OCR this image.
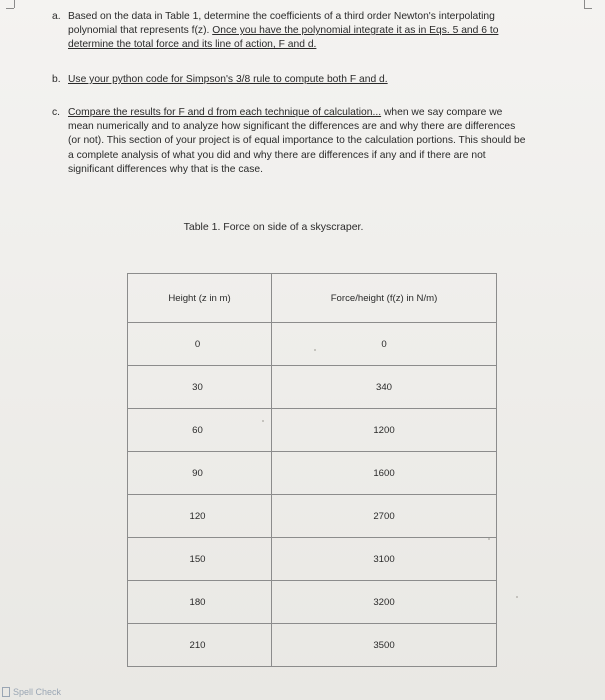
a. Based on the data in Table 1, determine the coefficients of a third order Newton's interpolating polynomial that represents f(z). Once you have the polynomial integrate it as in Eqs. 5 and 6 to determine the total force and its line of action, F and d.
b. Use your python code for Simpson's 3/8 rule to compute both F and d.
c. Compare the results for F and d from each technique of calculation... when we say compare we mean numerically and to analyze how significant the differences are and why there are differences (or not). This section of your project is of equal importance to the calculation portions. This should be a complete analysis of what you did and why there are differences if any and if there are not significant differences why that is the case.
Table 1. Force on side of a skyscraper.
Height (z in m)	Force/height (f(z) in N/m)
0	0
30	340
60	1200
90	1600
120	2700
150	3100
180	3200
210	3500
Spell Check
